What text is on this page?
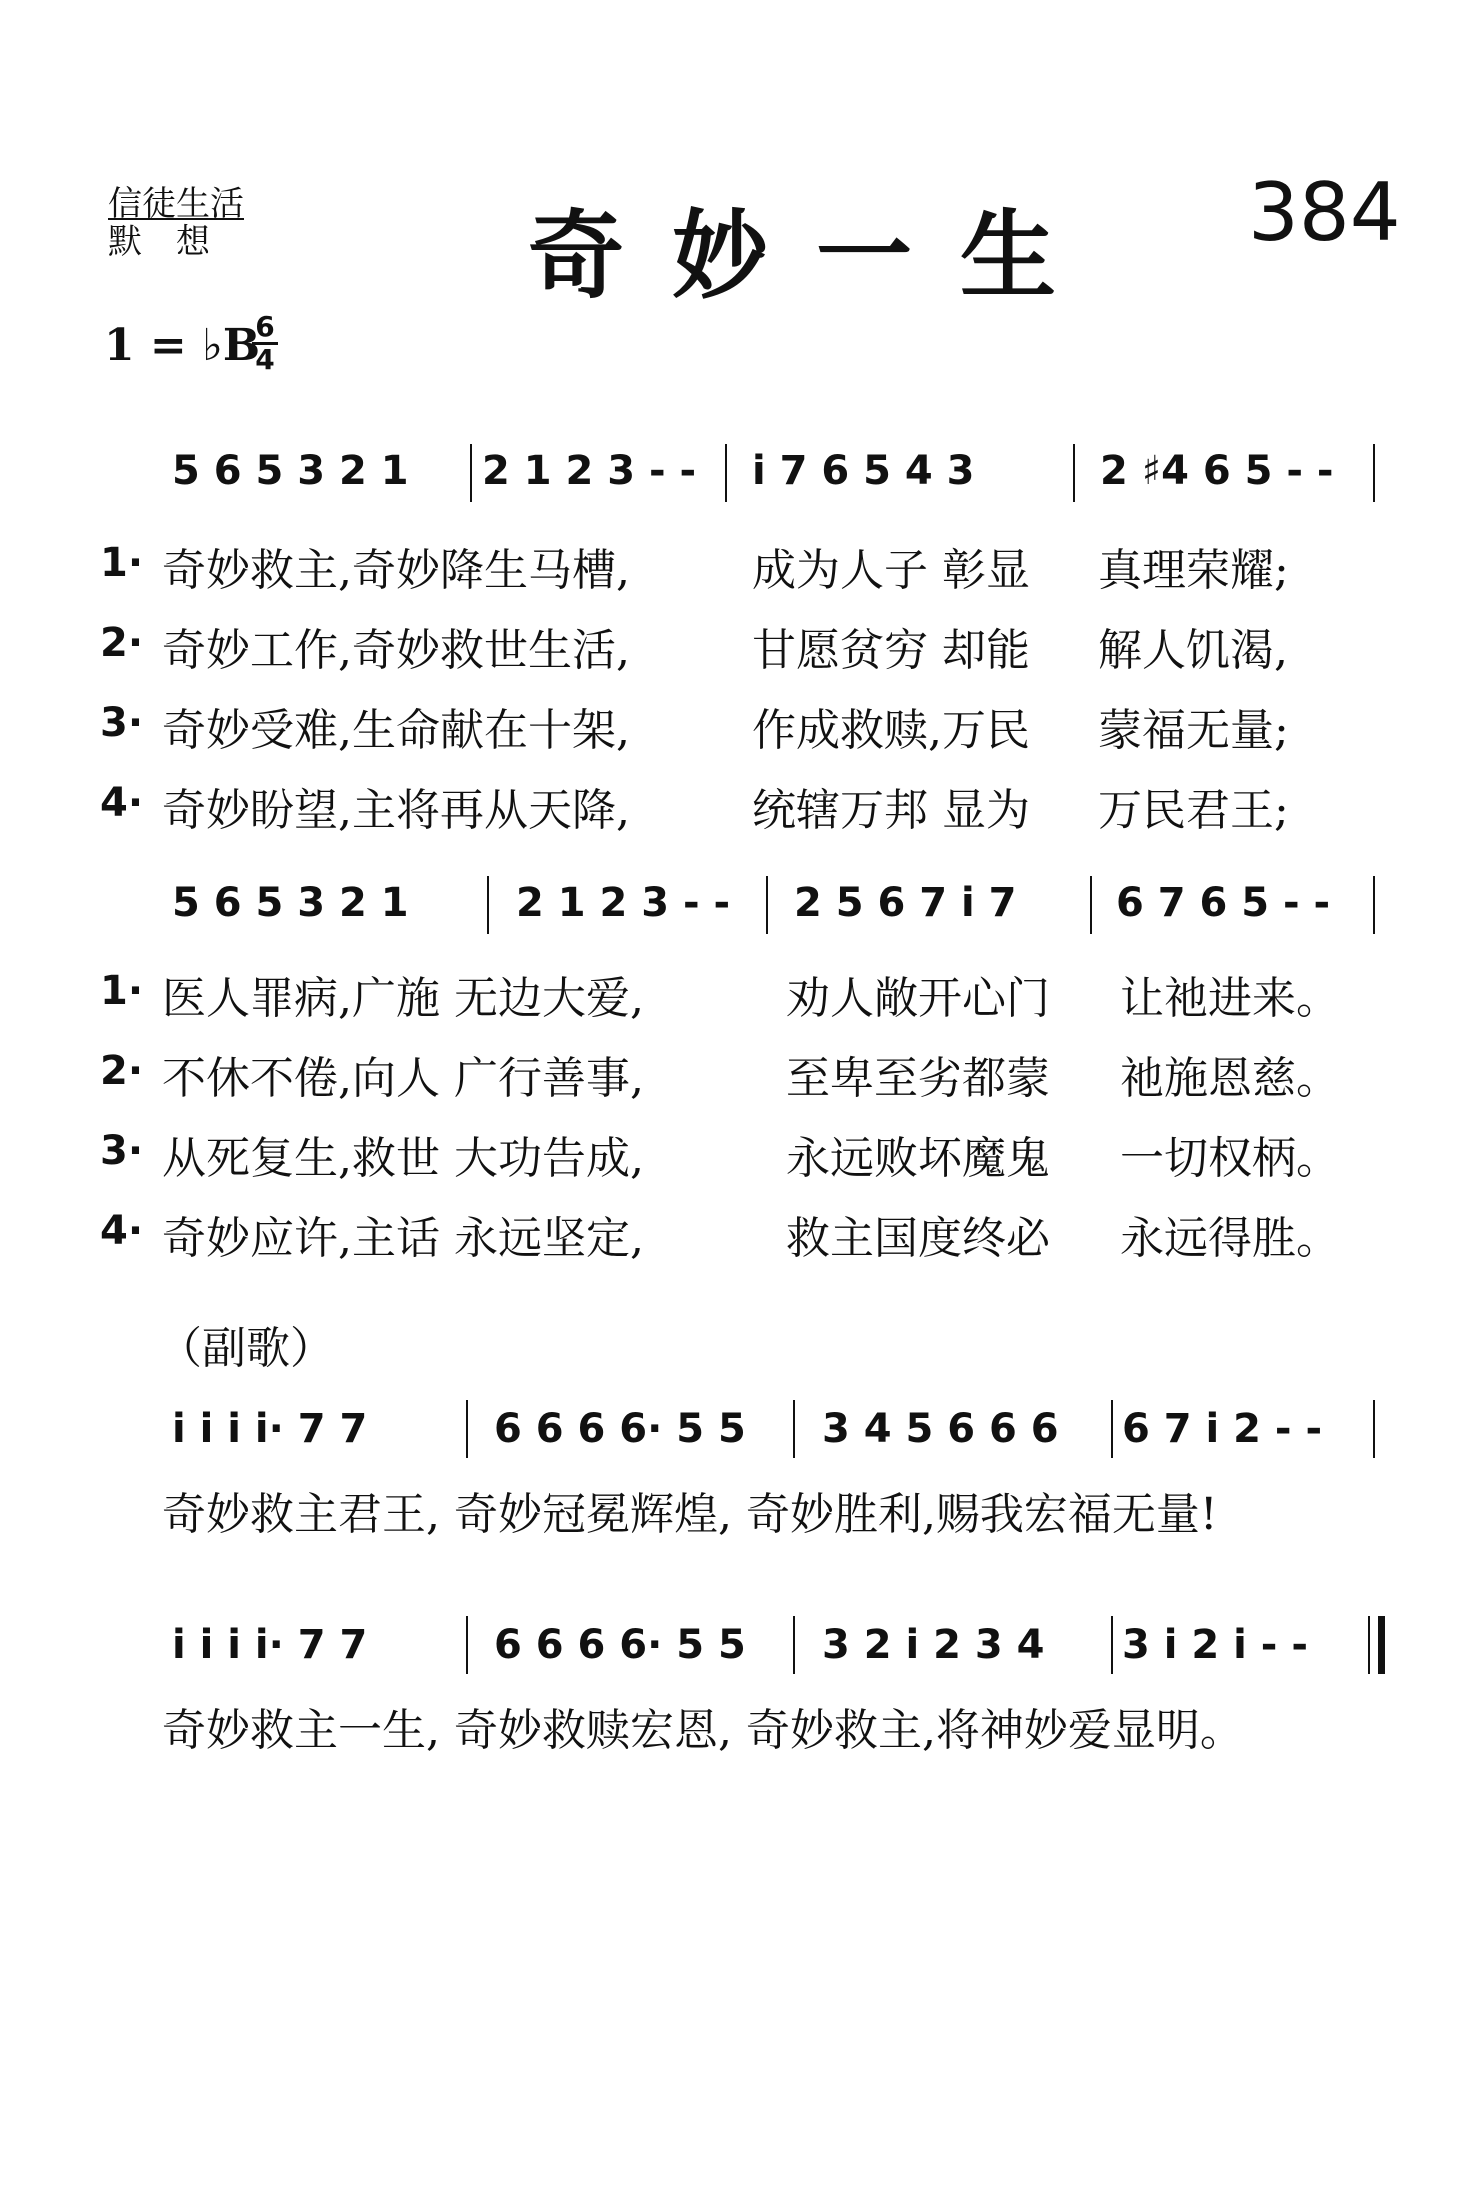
信徒生活
默　想	奇妙一生 384
1 = ♭B
6
4
5 6 5 3 2 1 2 1 2 3 - - i 7 6 5 4 3	2 ♯4 6 5 - -
1· 奇妙救主,奇妙降生马槽,	成为人子 彰显 真理荣耀;
2· 奇妙工作,奇妙救世生活,	甘愿贫穷 却能 解人饥渴,
3· 奇妙受难,生命献在十架,	作成救赎,万民 蒙福无量;
4· 奇妙盼望,主将再从天降,	统辖万邦 显为 万民君王;
5 6 5 3 2 1	2 1 2 3 - - 2 5 6 7 i 7 6 7 6 5 - -
1· 医人罪病,广施 无边大爱,	劝人敞开心门 让祂进来。
2· 不休不倦,向人 广行善事,	至卑至劣都蒙 祂施恩慈。
3· 从死复生,救世 大功告成,	永远败坏魔鬼 一切权柄。
4· 奇妙应许,主话 永远坚定,	救主国度终必 永远得胜。
（副歌）
i i i i· 7 7	6 6 6 6· 5 5 3 4 5 6 6 6 6 7 i 2 - -
奇妙救主君王, 奇妙冠冕辉煌, 奇妙胜利,赐我宏福无量!
i i i i· 7 7	6 6 6 6· 5 5 3 2 i 2 3 4 3 i 2 i - -
奇妙救主一生, 奇妙救赎宏恩, 奇妙救主,将神妙爱显明。
